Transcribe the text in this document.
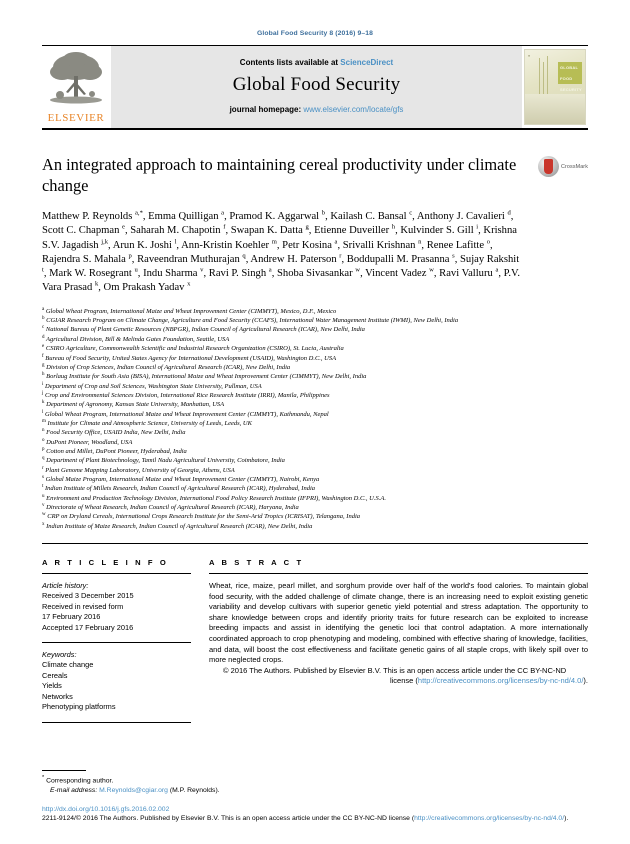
Global Food Security 8 (2016) 9–18
ELSEVIER
Contents lists available at ScienceDirect
Global Food Security
journal homepage: www.elsevier.com/locate/gfs
¤
GLOBAL
FOOD
SECURITY
An integrated approach to maintaining cereal productivity under climate change
CrossMark
Matthew P. Reynolds $^{a,*}$, Emma Quilligan $^a$, Pramod K. Aggarwal $^b$, Kailash C. Bansal $^c$, Anthony J. Cavalieri $^d$, Scott C. Chapman $^e$, Saharah M. Chapotin $^f$, Swapan K. Datta $^g$, Etienne Duveiller $^h$, Kulvinder S. Gill $^i$, Krishna S.V. Jagadish $^{j,k}$, Arun K. Joshi $^l$, Ann-Kristin Koehler $^m$, Petr Kosina $^a$, Srivalli Krishnan $^n$, Renee Lafitte $^o$, Rajendra S. Mahala $^p$, Raveendran Muthurajan $^q$, Andrew H. Paterson $^r$, Boddupalli M. Prasanna $^s$, Sujay Rakshit $^t$, Mark W. Rosegrant $^u$, Indu Sharma $^v$, Ravi P. Singh $^a$, Shoba Sivasankar $^w$, Vincent Vadez $^w$, Ravi Valluru $^a$, P.V. Vara Prasad $^k$, Om Prakash Yadav $^x$
$^a$ Global Wheat Program, International Maize and Wheat Improvement Center (CIMMYT), Mexico, D.F., Mexico
$^b$ CGIAR Research Program on Climate Change, Agriculture and Food Security (CCAFS), International Water Management Institute (IWMI), New Delhi, India
$^c$ National Bureau of Plant Genetic Resources (NBPGR), Indian Council of Agricultural Research (ICAR), New Delhi, India
$^d$ Agricultural Division, Bill & Melinda Gates Foundation, Seattle, USA
$^e$ CSIRO Agriculture, Commonwealth Scientific and Industrial Research Organization (CSIRO), St. Lucia, Australia
$^f$ Bureau of Food Security, United States Agency for International Development (USAID), Washington D.C., USA
$^g$ Division of Crop Sciences, Indian Council of Agricultural Research (ICAR), New Delhi, India
$^h$ Borlaug Institute for South Asia (BISA), International Maize and Wheat Improvement Center (CIMMYT), New Delhi, India
$^i$ Department of Crop and Soil Sciences, Washington State University, Pullman, USA
$^j$ Crop and Environmental Sciences Division, International Rice Research Institute (IRRI), Manila, Philippines
$^k$ Department of Agronomy, Kansas State University, Manhattan, USA
$^l$ Global Wheat Program, International Maize and Wheat Improvement Center (CIMMYT), Kathmandu, Nepal
$^m$ Institute for Climate and Atmospheric Science, University of Leeds, Leeds, UK
$^n$ Food Security Office, USAID India, New Delhi, India
$^o$ DuPont Pioneer, Woodland, USA
$^p$ Cotton and Millet, DuPont Pioneer, Hyderabad, India
$^q$ Department of Plant Biotechnology, Tamil Nadu Agricultural University, Coimbatore, India
$^r$ Plant Genome Mapping Laboratory, University of Georgia, Athens, USA
$^s$ Global Maize Program, International Maize and Wheat Improvement Center (CIMMYT), Nairobi, Kenya
$^t$ Indian Institute of Millets Research, Indian Council of Agricultural Research (ICAR), Hyderabad, India
$^u$ Environment and Production Technology Division, International Food Policy Research Institute (IFPRI), Washington D.C., U.S.A.
$^v$ Directorate of Wheat Research, Indian Council of Agricultural Research (ICAR), Haryana, India
$^w$ CRP on Dryland Cereals, International Crops Research Institute for the Semi-Arid Tropics (ICRISAT), Telangana, India
$^x$ Indian Institute of Maize Research, Indian Council of Agricultural Research (ICAR), New Delhi, India
A R T I C L E I N F O
Article history:
Received 3 December 2015
Received in revised form
17 February 2016
Accepted 17 February 2016
Keywords:
Climate change
Cereals
Yields
Networks
Phenotyping platforms
A B S T R A C T
Wheat, rice, maize, pearl millet, and sorghum provide over half of the world's food calories. To maintain global food security, with the added challenge of climate change, there is an increasing need to exploit existing genetic variability and develop cultivars with superior genetic yield potential and stress adaptation. The opportunity to share knowledge between crops and identify priority traits for future research can be exploited to increase breeding impacts and assist in identifying the genetic loci that control adaptation. A more internationally coordinated approach to crop phenotyping and modeling, combined with effective sharing of knowledge, facilities, and data, will boost the cost effectiveness and facilitate genetic gains of all staple crops, with likely spill over to more neglected crops.
© 2016 The Authors. Published by Elsevier B.V. This is an open access article under the CC BY-NC-ND
license (http://creativecommons.org/licenses/by-nc-nd/4.0/).
* Corresponding author.
E-mail address: M.Reynolds@cgiar.org (M.P. Reynolds).
http://dx.doi.org/10.1016/j.gfs.2016.02.002
2211-9124/© 2016 The Authors. Published by Elsevier B.V. This is an open access article under the CC BY-NC-ND license (http://creativecommons.org/licenses/by-nc-nd/4.0/).
